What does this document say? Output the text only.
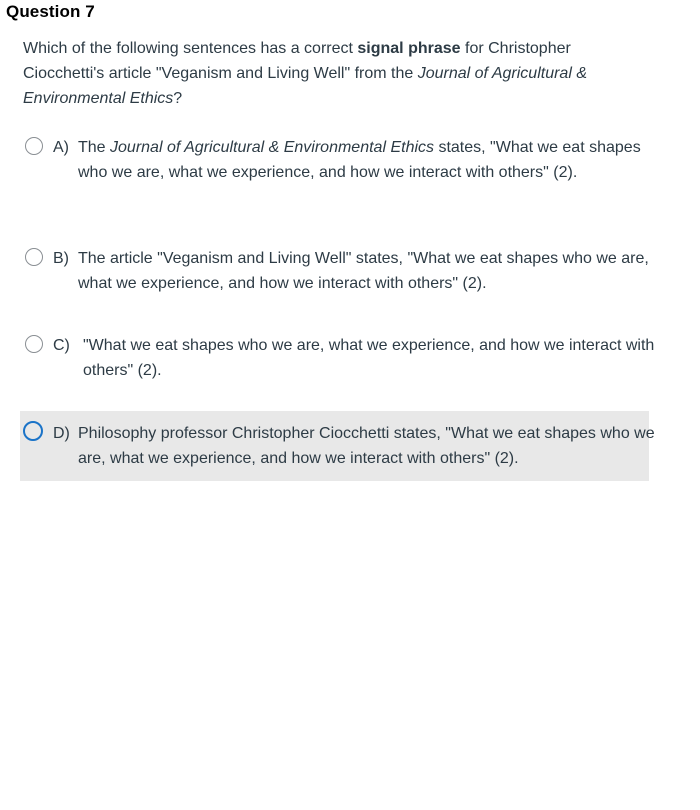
Question 7
Which of the following sentences has a correct signal phrase for Christopher Ciocchetti's article "Veganism and Living Well" from the Journal of Agricultural & Environmental Ethics?
A) The Journal of Agricultural & Environmental Ethics states, "What we eat shapes who we are, what we experience, and how we interact with others" (2).
B) The article "Veganism and Living Well" states, "What we eat shapes who we are, what we experience, and how we interact with others" (2).
C) "What we eat shapes who we are, what we experience, and how we interact with others" (2).
D) Philosophy professor Christopher Ciocchetti states, "What we eat shapes who we are, what we experience, and how we interact with others" (2).
